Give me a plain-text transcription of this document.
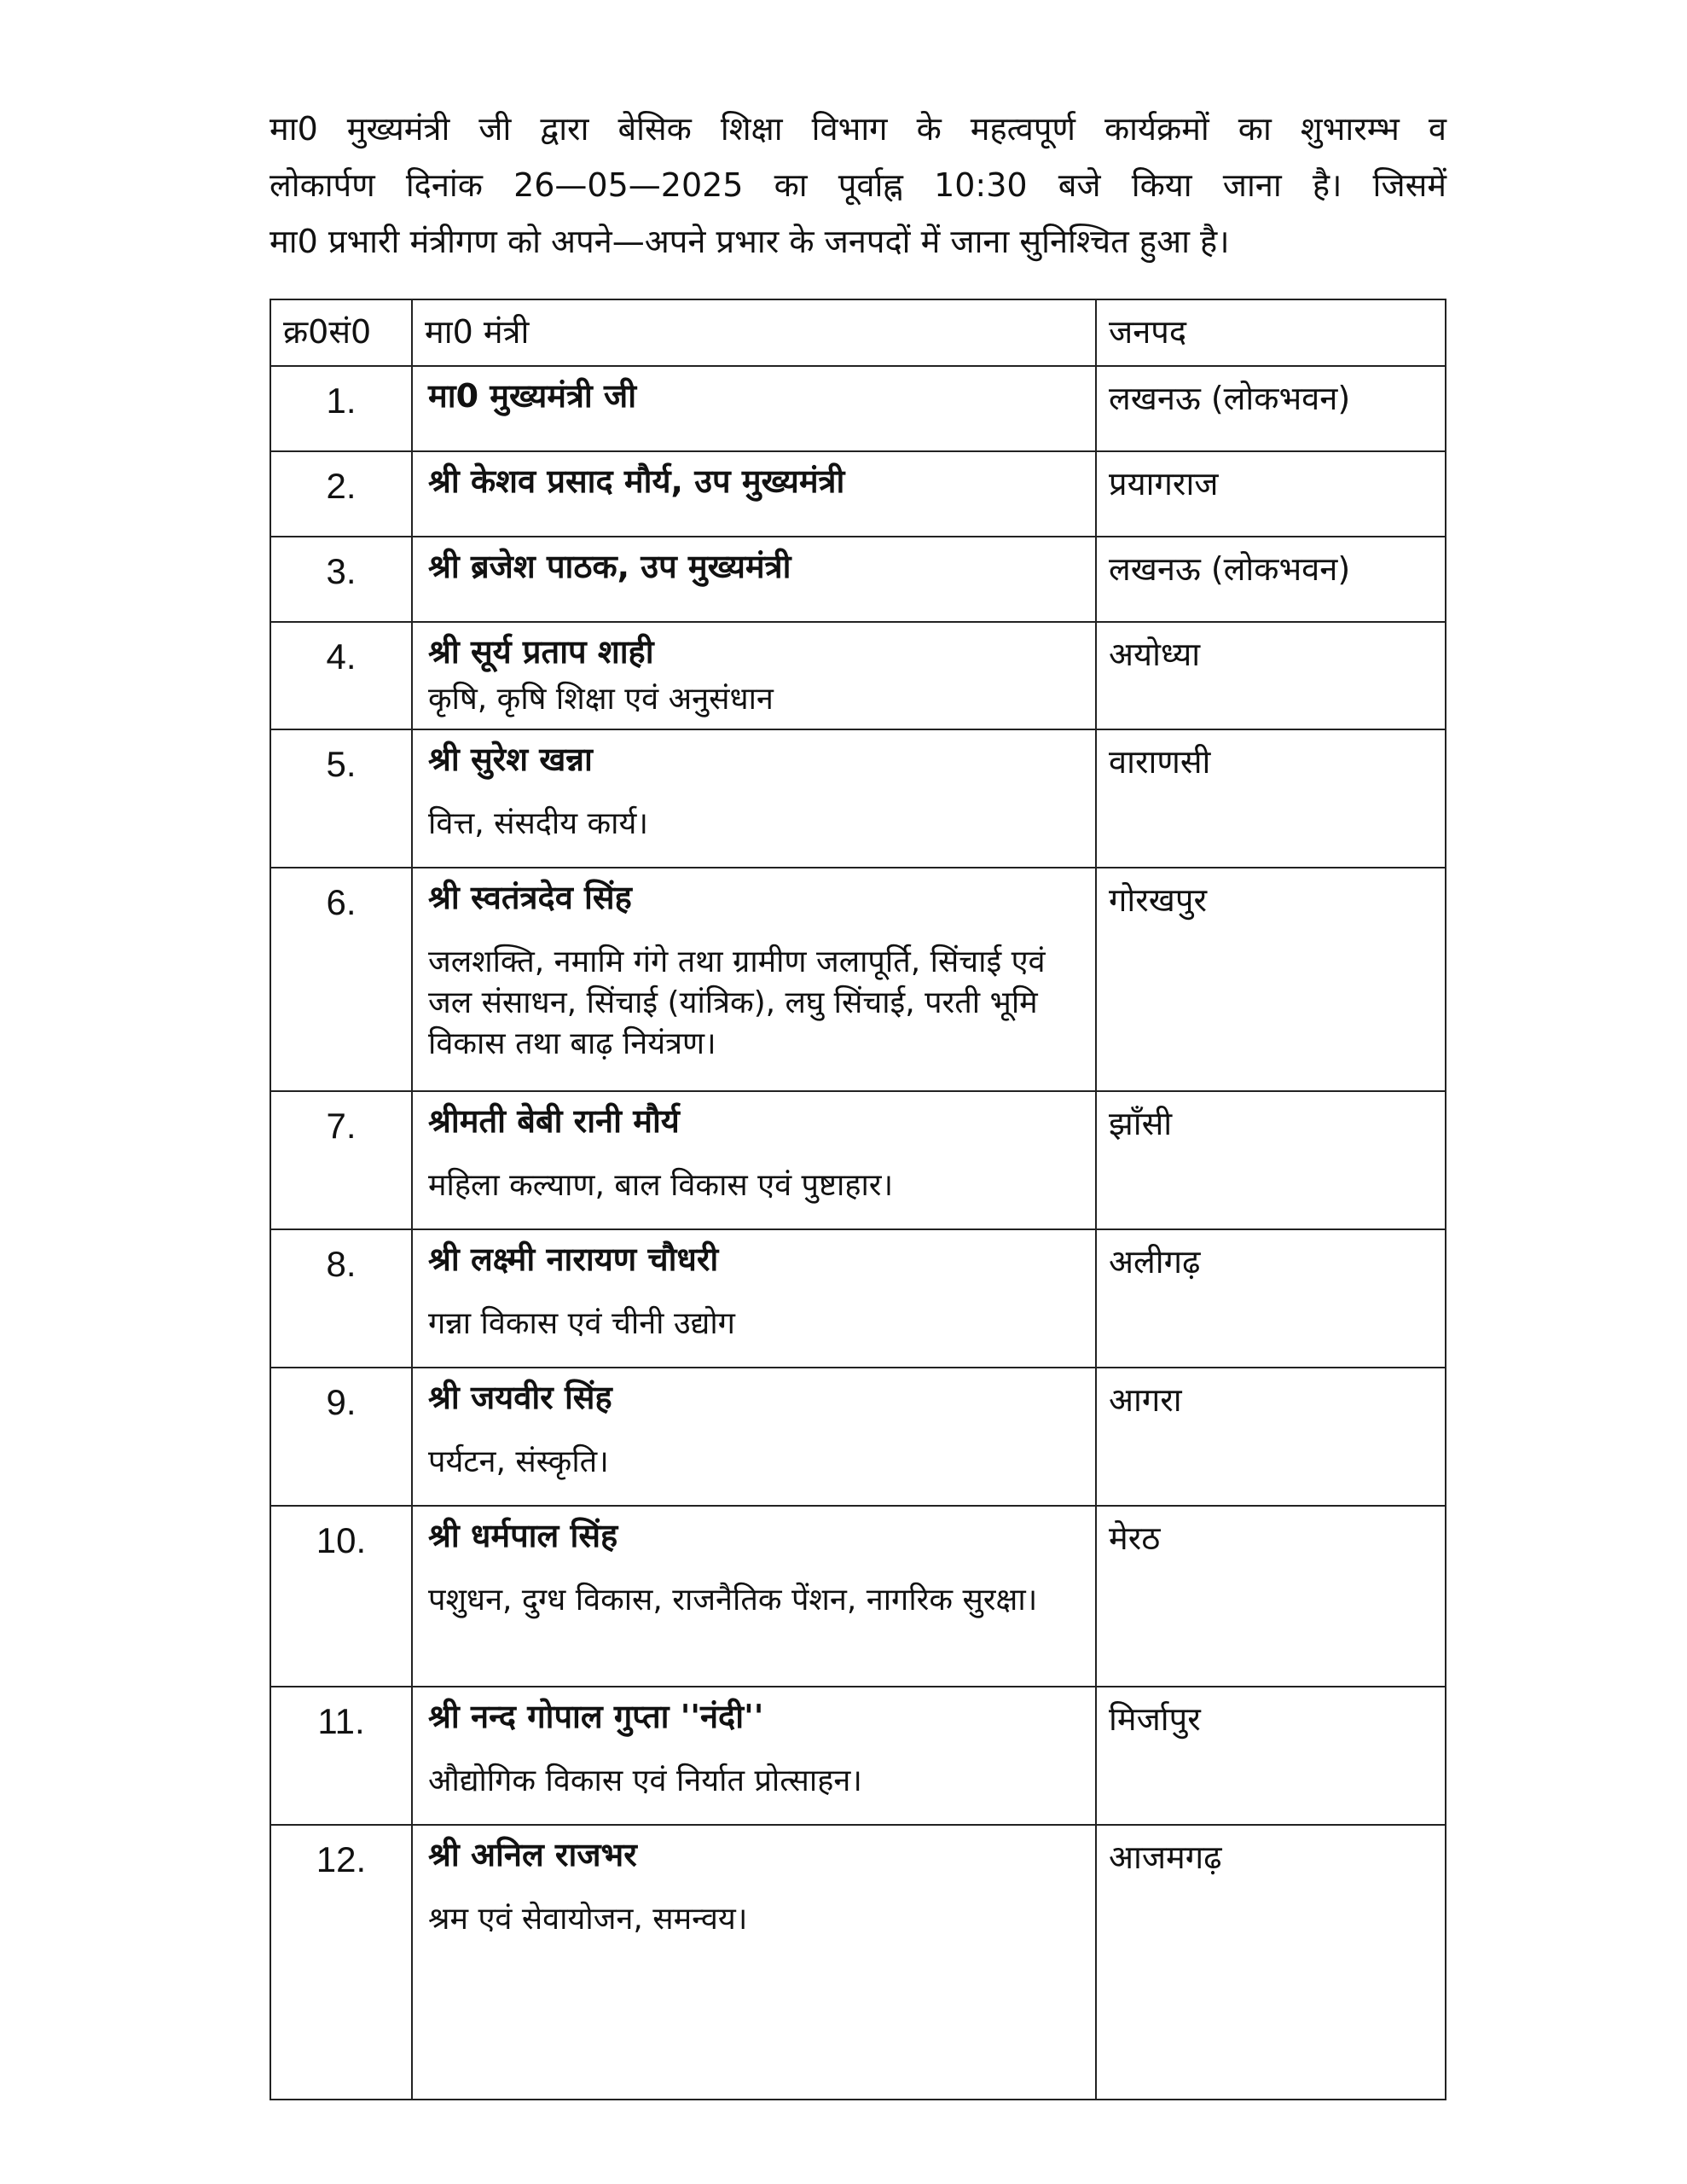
मा0 मुख्यमंत्री जी द्वारा बेसिक शिक्षा विभाग के महत्वपूर्ण कार्यक्रमों का शुभारम्भ व
लोकार्पण दिनांक 26—05—2025 का पूर्वाह्न 10:30 बजे किया जाना है। जिसमें
मा0 प्रभारी मंत्रीगण को अपने—अपने प्रभार के जनपदों में जाना सुनिश्चित हुआ है।
क्र0सं0	मा0 मंत्री	जनपद
1.	मा0 मुख्यमंत्री जी	लखनऊ (लोकभवन)
2.	श्री केशव प्रसाद मौर्य, उप मुख्यमंत्री	प्रयागराज
3.	श्री ब्रजेश पाठक, उप मुख्यमंत्री	लखनऊ (लोकभवन)
4.	श्री सूर्य प्रताप शाही
कृषि, कृषि शिक्षा एवं अनुसंधान	अयोध्या
5.	श्री सुरेश खन्ना
वित्त, संसदीय कार्य।	वाराणसी
6.	श्री स्वतंत्रदेव सिंह
जलशक्ति, नमामि गंगे तथा ग्रामीण जलापूर्ति, सिंचाई एवं जल संसाधन, सिंचाई (यांत्रिक), लघु सिंचाई, परती भूमि विकास तथा बाढ़ नियंत्रण।	गोरखपुर
7.	श्रीमती बेबी रानी मौर्य
महिला कल्याण, बाल विकास एवं पुष्टाहार।	झाँसी
8.	श्री लक्ष्मी नारायण चौधरी
गन्ना विकास एवं चीनी उद्योग	अलीगढ़
9.	श्री जयवीर सिंह
पर्यटन, संस्कृति।	आगरा
10.	श्री धर्मपाल सिंह
पशुधन, दुग्ध विकास, राजनैतिक पेंशन, नागरिक सुरक्षा।	मेरठ
11.	श्री नन्द गोपाल गुप्ता ''नंदी''
औद्योगिक विकास एवं निर्यात प्रोत्साहन।	मिर्जापुर
12.	श्री अनिल राजभर
श्रम एवं सेवायोजन, समन्वय।	आजमगढ़
